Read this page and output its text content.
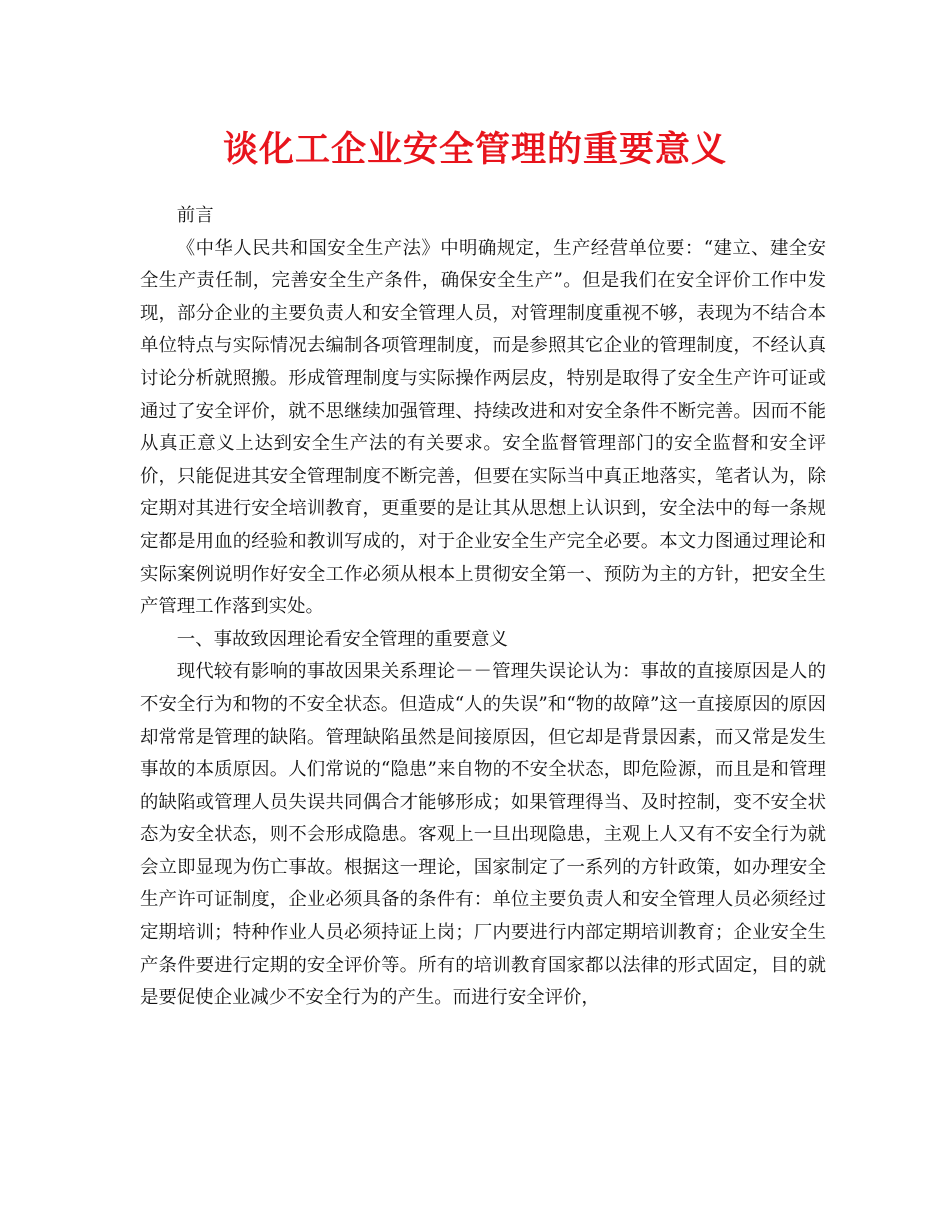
谈化工企业安全管理的重要意义

前言

《中华人民共和国安全生产法》中明确规定，生产经营单位要：“建立、建全安全生产责任制，完善安全生产条件，确保安全生产”。但是我们在安全评价工作中发现，部分企业的主要负责人和安全管理人员，对管理制度重视不够，表现为不结合本单位特点与实际情况去编制各项管理制度，而是参照其它企业的管理制度，不经认真讨论分析就照搬。形成管理制度与实际操作两层皮，特别是取得了安全生产许可证或通过了安全评价，就不思继续加强管理、持续改进和对安全条件不断完善。因而不能从真正意义上达到安全生产法的有关要求。安全监督管理部门的安全监督和安全评价，只能促进其安全管理制度不断完善，但要在实际当中真正地落实，笔者认为，除定期对其进行安全培训教育，更重要的是让其从思想上认识到，安全法中的每一条规定都是用血的经验和教训写成的，对于企业安全生产完全必要。本文力图通过理论和实际案例说明作好安全工作必须从根本上贯彻安全第一、预防为主的方针，把安全生产管理工作落到实处。

一、事故致因理论看安全管理的重要意义

现代较有影响的事故因果关系理论－－管理失误论认为：事故的直接原因是人的不安全行为和物的不安全状态。但造成“人的失误”和“物的故障”这一直接原因的原因却常常是管理的缺陷。管理缺陷虽然是间接原因，但它却是背景因素，而又常是发生事故的本质原因。人们常说的“隐患”来自物的不安全状态，即危险源，而且是和管理的缺陷或管理人员失误共同偶合才能够形成；如果管理得当、及时控制，变不安全状态为安全状态，则不会形成隐患。客观上一旦出现隐患，主观上人又有不安全行为就会立即显现为伤亡事故。根据这一理论，国家制定了一系列的方针政策，如办理安全生产许可证制度，企业必须具备的条件有：单位主要负责人和安全管理人员必须经过定期培训；特种作业人员必须持证上岗；厂内要进行内部定期培训教育；企业安全生产条件要进行定期的安全评价等。所有的培训教育国家都以法律的形式固定，目的就是要促使企业减少不安全行为的产生。而进行安全评价，
